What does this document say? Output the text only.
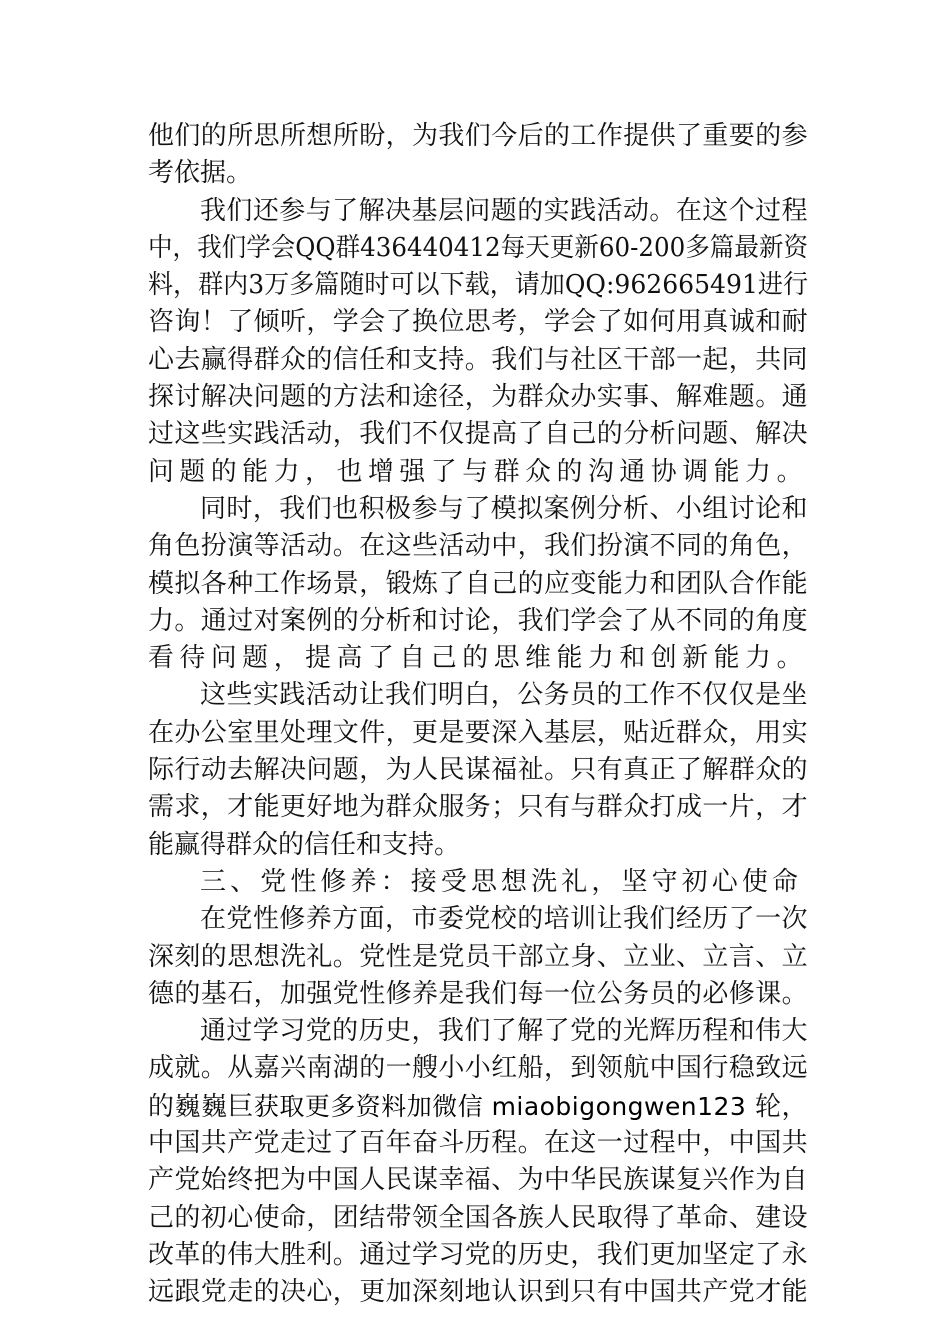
他们的所思所想所盼，为我们今后的工作提供了重要的参
考依据。
我们还参与了解决基层问题的实践活动。在这个过程
中，我们学会QQ群436440412每天更新60-200多篇最新资
料，群内3万多篇随时可以下载，请加QQ:962665491进行
咨询！了倾听，学会了换位思考，学会了如何用真诚和耐
心去赢得群众的信任和支持。我们与社区干部一起，共同
探讨解决问题的方法和途径，为群众办实事、解难题。通
过这些实践活动，我们不仅提高了自己的分析问题、解决
问题的能力，也增强了与群众的沟通协调能力。
同时，我们也积极参与了模拟案例分析、小组讨论和
角色扮演等活动。在这些活动中，我们扮演不同的角色，
模拟各种工作场景，锻炼了自己的应变能力和团队合作能
力。通过对案例的分析和讨论，我们学会了从不同的角度
看待问题，提高了自己的思维能力和创新能力。
这些实践活动让我们明白，公务员的工作不仅仅是坐
在办公室里处理文件，更是要深入基层，贴近群众，用实
际行动去解决问题，为人民谋福祉。只有真正了解群众的
需求，才能更好地为群众服务；只有与群众打成一片，才
能赢得群众的信任和支持。
三、党性修养：接受思想洗礼，坚守初心使命
在党性修养方面，市委党校的培训让我们经历了一次
深刻的思想洗礼。党性是党员干部立身、立业、立言、立
德的基石，加强党性修养是我们每一位公务员的必修课。
通过学习党的历史，我们了解了党的光辉历程和伟大
成就。从嘉兴南湖的一艘小小红船，到领航中国行稳致远
的巍巍巨获取更多资料加微信 miaobigongwen123 轮，
中国共产党走过了百年奋斗历程。在这一过程中，中国共
产党始终把为中国人民谋幸福、为中华民族谋复兴作为自
己的初心使命，团结带领全国各族人民取得了革命、建设
改革的伟大胜利。通过学习党的历史，我们更加坚定了永
远跟党走的决心，更加深刻地认识到只有中国共产党才能
